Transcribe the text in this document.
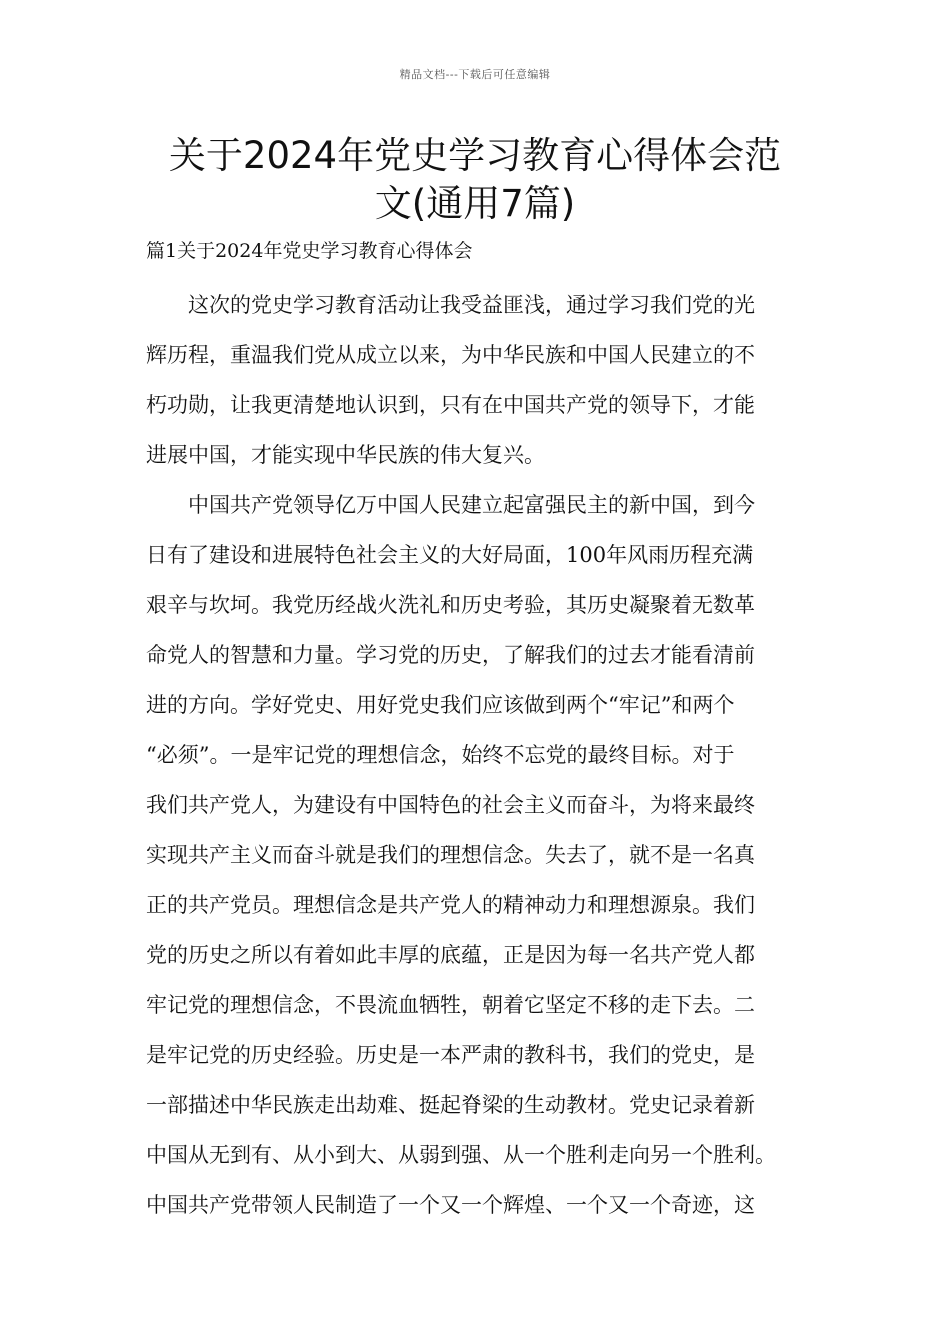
精品文档---下载后可任意编辑
关于2024年党史学习教育心得体会范
文(通用7篇)
篇1关于2024年党史学习教育心得体会

这次的党史学习教育活动让我受益匪浅，通过学习我们党的光
辉历程，重温我们党从成立以来，为中华民族和中国人民建立的不
朽功勋，让我更清楚地认识到，只有在中国共产党的领导下，才能
进展中国，才能实现中华民族的伟大复兴。

中国共产党领导亿万中国人民建立起富强民主的新中国，到今
日有了建设和进展特色社会主义的大好局面，100年风雨历程充满
艰辛与坎坷。我党历经战火洗礼和历史考验，其历史凝聚着无数革
命党人的智慧和力量。学习党的历史，了解我们的过去才能看清前
进的方向。学好党史、用好党史我们应该做到两个“牢记”和两个
“必须”。一是牢记党的理想信念，始终不忘党的最终目标。对于
我们共产党人，为建设有中国特色的社会主义而奋斗，为将来最终
实现共产主义而奋斗就是我们的理想信念。失去了，就不是一名真
正的共产党员。理想信念是共产党人的精神动力和理想源泉。我们
党的历史之所以有着如此丰厚的底蕴，正是因为每一名共产党人都
牢记党的理想信念，不畏流血牺牲，朝着它坚定不移的走下去。二
是牢记党的历史经验。历史是一本严肃的教科书，我们的党史，是
一部描述中华民族走出劫难、挺起脊梁的生动教材。党史记录着新
中国从无到有、从小到大、从弱到强、从一个胜利走向另一个胜利。
中国共产党带领人民制造了一个又一个辉煌、一个又一个奇迹，这
